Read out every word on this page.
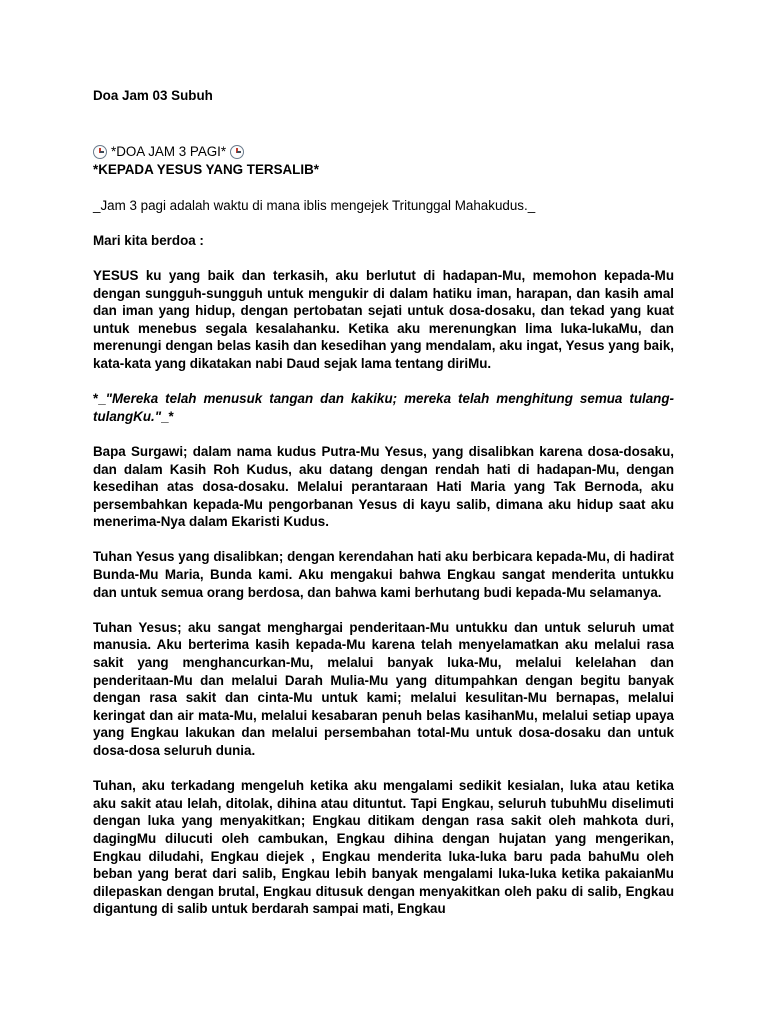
Doa Jam 03 Subuh

*DOA JAM 3 PAGI*

*KEPADA YESUS YANG TERSALIB*

_Jam 3 pagi adalah waktu di mana iblis mengejek Tritunggal Mahakudus._

Mari kita berdoa :

YESUS ku yang baik dan terkasih, aku berlutut di hadapan-Mu, memohon kepada-Mu dengan sungguh-sungguh untuk mengukir di dalam hatiku iman, harapan, dan kasih amal dan iman yang hidup, dengan pertobatan sejati untuk dosa-dosaku, dan tekad yang kuat untuk menebus segala kesalahanku. Ketika aku merenungkan lima luka-lukaMu, dan merenungi dengan belas kasih dan kesedihan yang mendalam, aku ingat, Yesus yang baik, kata-kata yang dikatakan nabi Daud sejak lama tentang diriMu.

*_"Mereka telah menusuk tangan dan kakiku; mereka telah menghitung semua tulang-tulangKu."_*

Bapa Surgawi; dalam nama kudus Putra-Mu Yesus, yang disalibkan karena dosa-dosaku, dan dalam Kasih Roh Kudus, aku datang dengan rendah hati di hadapan-Mu, dengan kesedihan atas dosa-dosaku. Melalui perantaraan Hati Maria yang Tak Bernoda, aku persembahkan kepada-Mu pengorbanan Yesus di kayu salib, dimana aku hidup saat aku menerima-Nya dalam Ekaristi Kudus.

Tuhan Yesus yang disalibkan; dengan kerendahan hati aku berbicara kepada-Mu, di hadirat Bunda-Mu Maria, Bunda kami. Aku mengakui bahwa Engkau sangat menderita untukku dan untuk semua orang berdosa, dan bahwa kami berhutang budi kepada-Mu selamanya.

Tuhan Yesus; aku sangat menghargai penderitaan-Mu untukku dan untuk seluruh umat manusia. Aku berterima kasih kepada-Mu karena telah menyelamatkan aku melalui rasa sakit yang menghancurkan-Mu, melalui banyak luka-Mu, melalui kelelahan dan penderitaan-Mu dan melalui Darah Mulia-Mu yang ditumpahkan dengan begitu banyak dengan rasa sakit dan cinta-Mu untuk kami; melalui kesulitan-Mu bernapas, melalui keringat dan air mata-Mu, melalui kesabaran penuh belas kasihanMu, melalui setiap upaya yang Engkau lakukan dan melalui persembahan total-Mu untuk dosa-dosaku dan untuk dosa-dosa seluruh dunia.

Tuhan, aku terkadang mengeluh ketika aku mengalami sedikit kesialan, luka atau ketika aku sakit atau lelah, ditolak, dihina atau dituntut. Tapi Engkau, seluruh tubuhMu diselimuti dengan luka yang menyakitkan; Engkau ditikam dengan rasa sakit oleh mahkota duri, dagingMu dilucuti oleh cambukan, Engkau dihina dengan hujatan yang mengerikan, Engkau diludahi, Engkau diejek , Engkau menderita luka-luka baru pada bahuMu oleh beban yang berat dari salib, Engkau lebih banyak mengalami luka-luka ketika pakaianMu dilepaskan dengan brutal, Engkau ditusuk dengan menyakitkan oleh paku di salib, Engkau digantung di salib untuk berdarah sampai mati, Engkau
